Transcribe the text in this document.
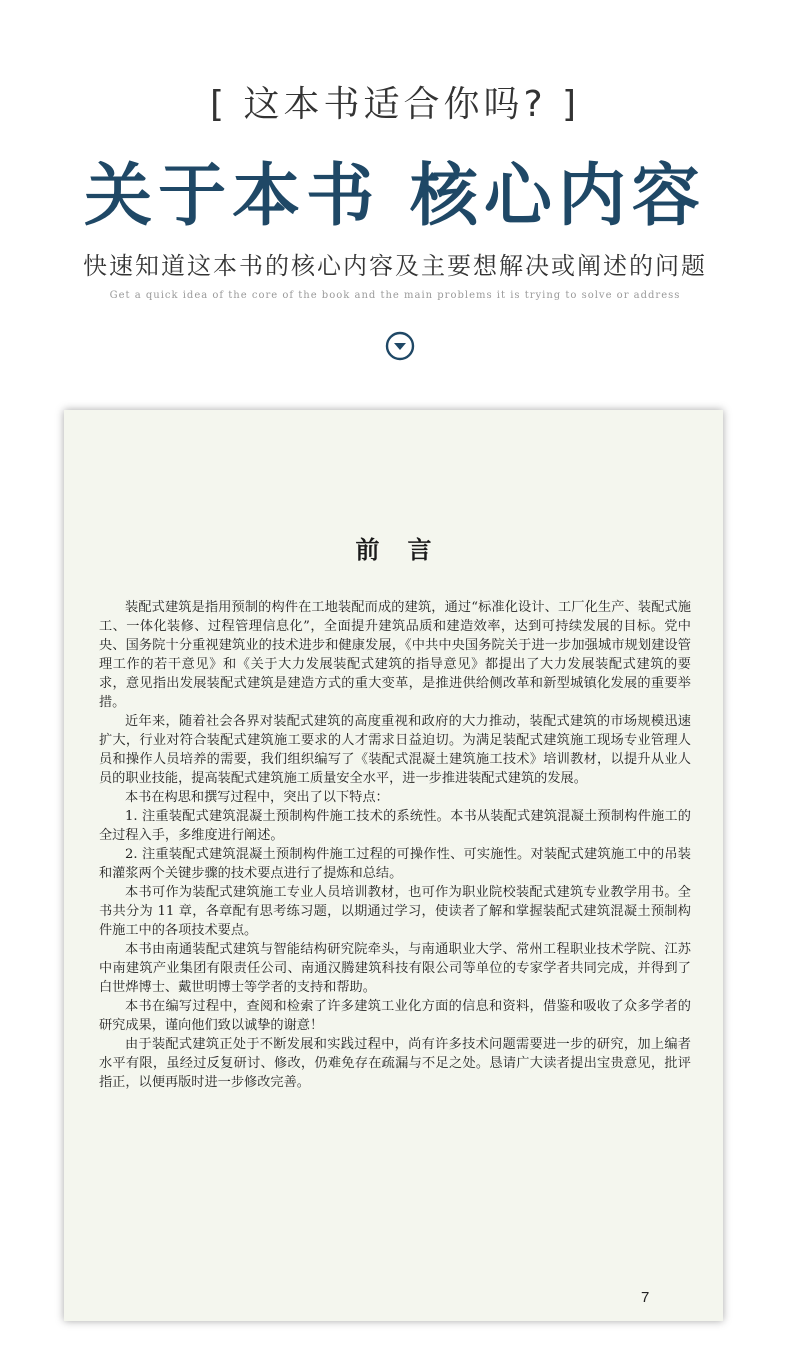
[ 这本书适合你吗? ]
关于本书 核心内容
快速知道这本书的核心内容及主要想解决或阐述的问题
Get a quick idea of the core of the book and the main problems it is trying to solve or address
前言

装配式建筑是指用预制的构件在工地装配而成的建筑，通过“标准化设计、工厂化生产、装配式施工、一体化装修、过程管理信息化”，全面提升建筑品质和建造效率，达到可持续发展的目标。党中央、国务院十分重视建筑业的技术进步和健康发展，《中共中央国务院关于进一步加强城市规划建设管理工作的若干意见》和《关于大力发展装配式建筑的指导意见》都提出了大力发展装配式建筑的要求，意见指出发展装配式建筑是建造方式的重大变革，是推进供给侧改革和新型城镇化发展的重要举措。

近年来，随着社会各界对装配式建筑的高度重视和政府的大力推动，装配式建筑的市场规模迅速扩大，行业对符合装配式建筑施工要求的人才需求日益迫切。为满足装配式建筑施工现场专业管理人员和操作人员培养的需要，我们组织编写了《装配式混凝土建筑施工技术》培训教材，以提升从业人员的职业技能，提高装配式建筑施工质量安全水平，进一步推进装配式建筑的发展。

本书在构思和撰写过程中，突出了以下特点：

1. 注重装配式建筑混凝土预制构件施工技术的系统性。本书从装配式建筑混凝土预制构件施工的全过程入手，多维度进行阐述。

2. 注重装配式建筑混凝土预制构件施工过程的可操作性、可实施性。对装配式建筑施工中的吊装和灌浆两个关键步骤的技术要点进行了提炼和总结。

本书可作为装配式建筑施工专业人员培训教材，也可作为职业院校装配式建筑专业教学用书。全书共分为 11 章，各章配有思考练习题，以期通过学习，使读者了解和掌握装配式建筑混凝土预制构件施工中的各项技术要点。

本书由南通装配式建筑与智能结构研究院牵头，与南通职业大学、常州工程职业技术学院、江苏中南建筑产业集团有限责任公司、南通汉腾建筑科技有限公司等单位的专家学者共同完成，并得到了白世烨博士、戴世明博士等学者的支持和帮助。

本书在编写过程中，查阅和检索了许多建筑工业化方面的信息和资料，借鉴和吸收了众多学者的研究成果，谨向他们致以诚挚的谢意！

由于装配式建筑正处于不断发展和实践过程中，尚有许多技术问题需要进一步的研究，加上编者水平有限，虽经过反复研讨、修改，仍难免存在疏漏与不足之处。恳请广大读者提出宝贵意见，批评指正，以便再版时进一步修改完善。

7
